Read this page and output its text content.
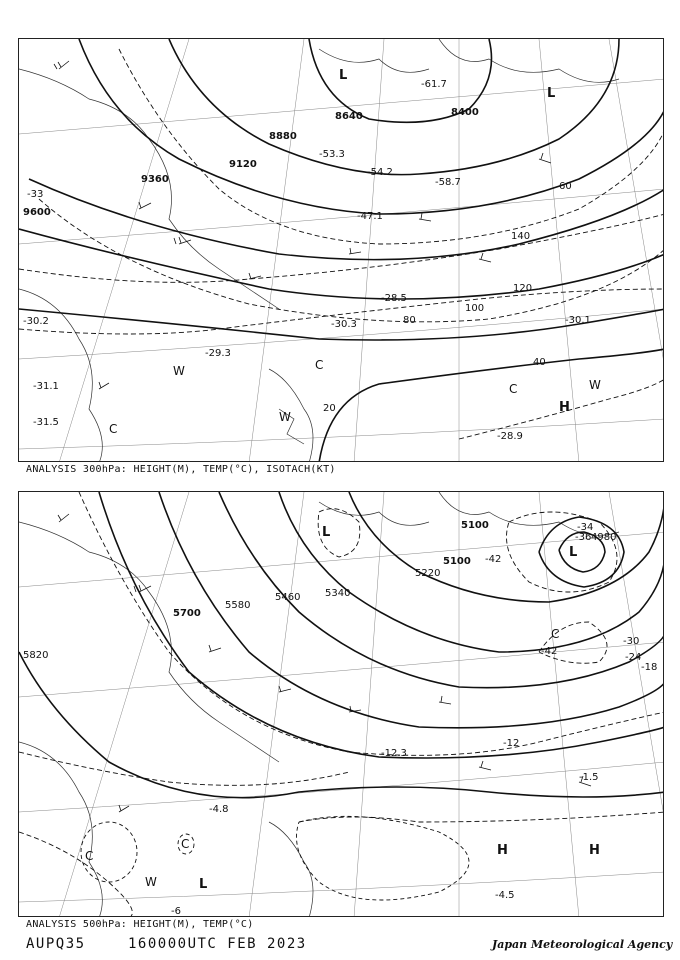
9600
9360
9120
8880
8640	8400
20
40
60
80
100
120
140
-33
-31.1
-31.5
-30.2
-29.3
-28.9
-30.3
-28.5
-30.1
-47.1
-53.3
-54.2
-58.7
-61.7
L
L
H
C
C
W
W
W
C
ANALYSIS 300hPa: HEIGHT(M), TEMP(°C), ISOTACH(KT)
5820
5700
5580
5460 5340
5220
5100
5100
4980
-42
-42
-36
-34
-30
-24
-18
-12
-6
-4.8
-4.5
-1.5
-12.3
L
L
H	H
C
C
C
W	L
ANALYSIS 500hPa: HEIGHT(M), TEMP(°C)
AUPQ35	160000UTC FEB 2023	Japan Meteorological Agency
